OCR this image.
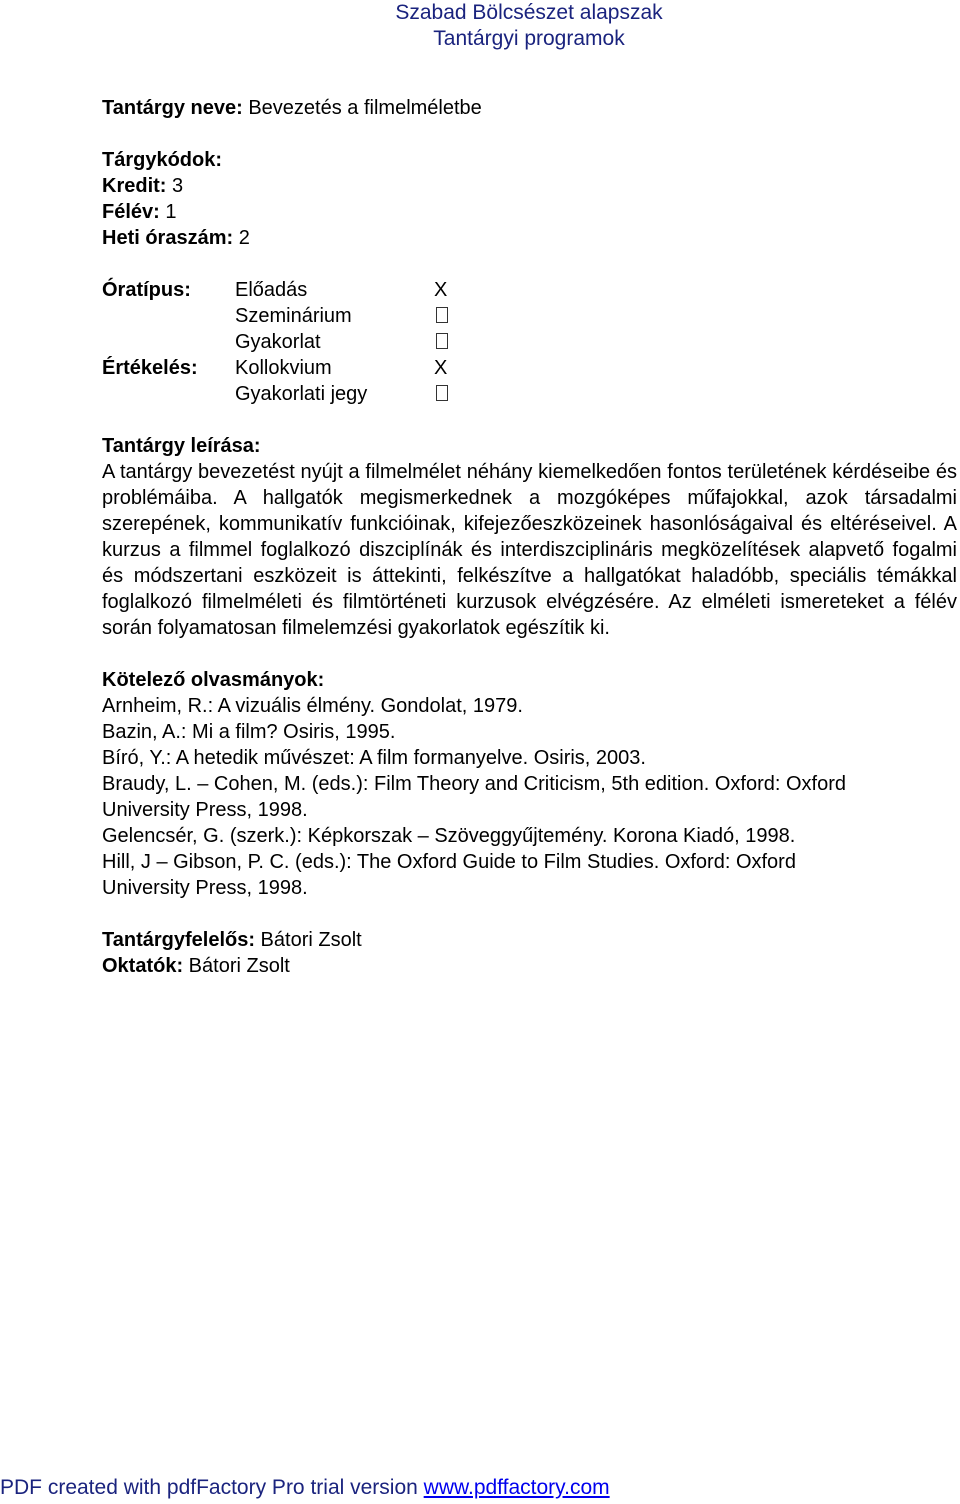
Szabad Bölcsészet alapszak
Tantárgyi programok
Tantárgy neve: Bevezetés a filmelméletbe
Tárgykódok:
Kredit: 3
Félév: 1
Heti óraszám: 2
Óratípus: Előadás	X
Szeminárium
Gyakorlat
Értékelés: Kollokvium	X
Gyakorlati jegy
Tantárgy leírása:
A tantárgy bevezetést nyújt a filmelmélet néhány kiemelkedően fontos területének kérdéseibe és problémáiba. A hallgatók megismerkednek a mozgóképes műfajokkal, azok társadalmi szerepének, kommunikatív funkcióinak, kifejezőeszközeinek hasonlóságaival és eltéréseivel. A kurzus a filmmel foglalkozó diszciplínák és interdiszciplináris megközelítések alapvető fogalmi és módszertani eszközeit is áttekinti, felkészítve a hallgatókat haladóbb, speciális témákkal foglalkozó filmelméleti és filmtörténeti kurzusok elvégzésére. Az elméleti ismereteket a félév során folyamatosan filmelemzési gyakorlatok egészítik ki.
Kötelező olvasmányok:
Arnheim, R.: A vizuális élmény. Gondolat, 1979.
Bazin, A.: Mi a film? Osiris, 1995.
Bíró, Y.: A hetedik művészet: A film formanyelve. Osiris, 2003.
Braudy, L. – Cohen, M. (eds.): Film Theory and Criticism, 5th edition. Oxford: Oxford
University Press, 1998.
Gelencsér, G. (szerk.): Képkorszak – Szöveggyűjtemény. Korona Kiadó, 1998.
Hill, J – Gibson, P. C. (eds.): The Oxford Guide to Film Studies. Oxford: Oxford
University Press, 1998.
Tantárgyfelelős: Bátori Zsolt
Oktatók: Bátori Zsolt
PDF created with pdfFactory Pro trial version www.pdffactory.com
